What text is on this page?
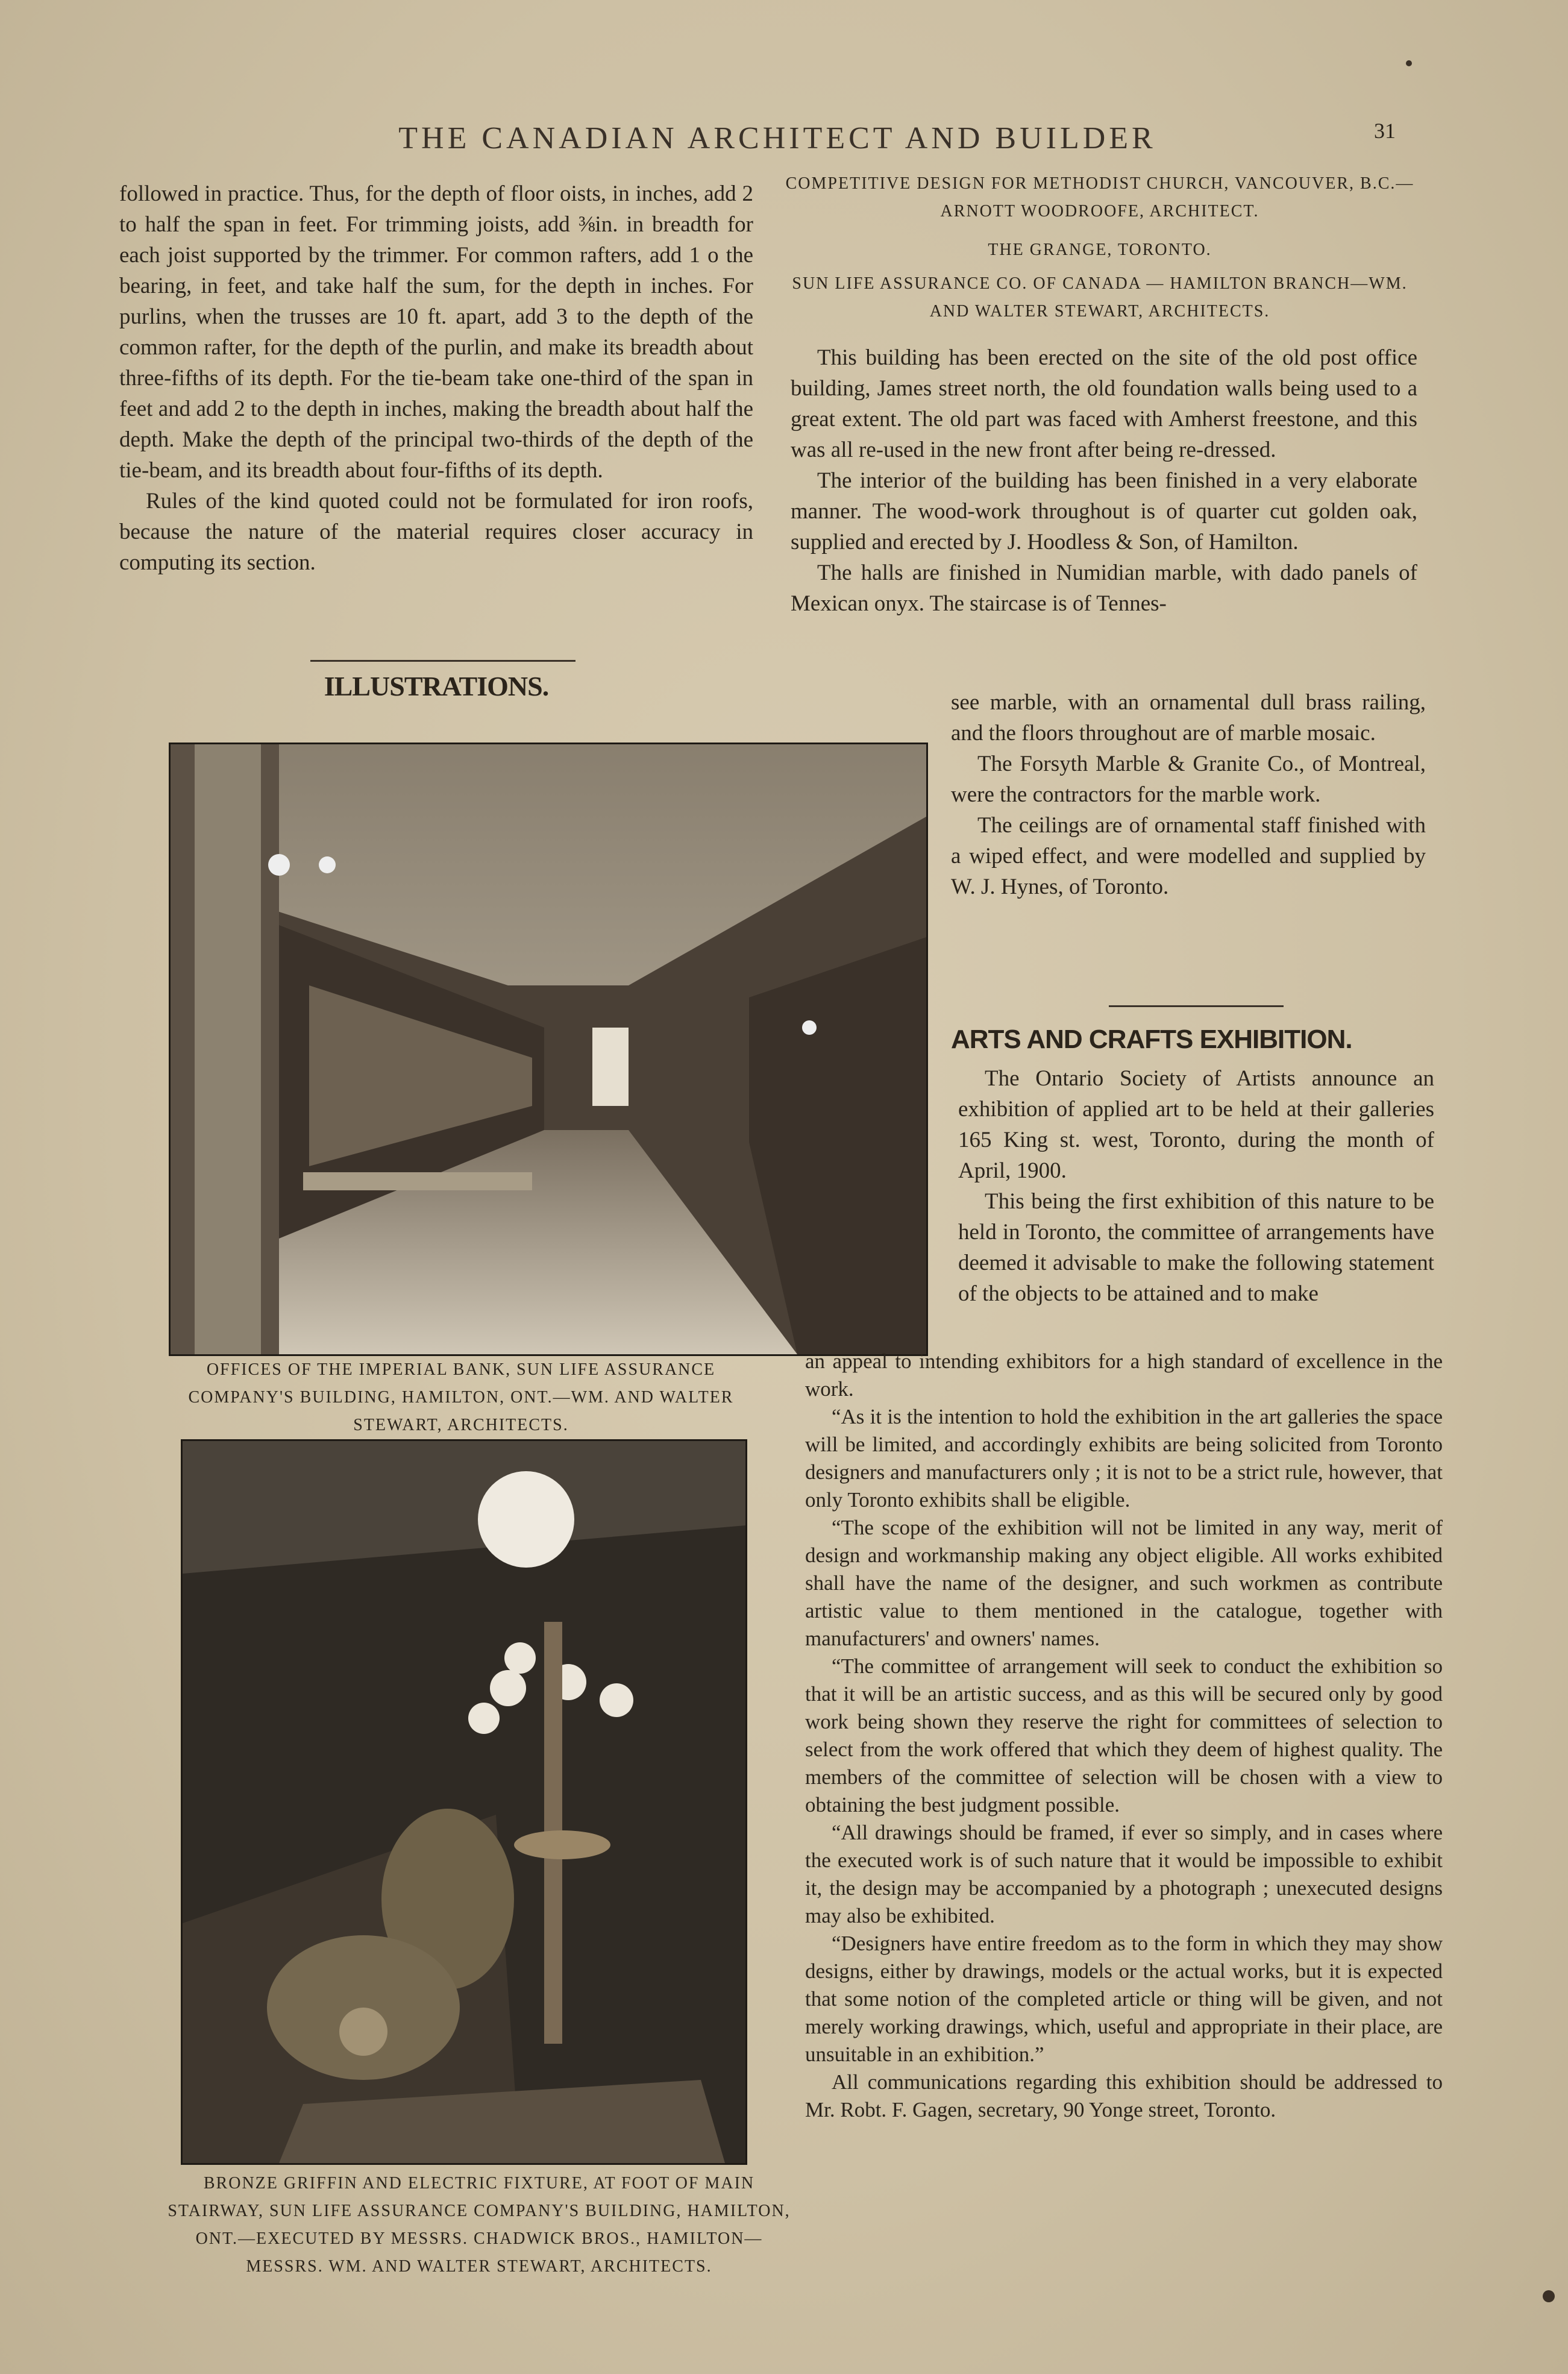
THE CANADIAN ARCHITECT AND BUILDER	31

followed in practice. Thus, for the depth of floor oists, in inches, add 2 to half the span in feet. For trimming joists, add ⅜in. in breadth for each joist supported by the trimmer. For common rafters, add 1 o the bearing, in feet, and take half the sum, for the depth in inches. For purlins, when the trusses are 10 ft. apart, add 3 to the depth of the common rafter, for the depth of the purlin, and make its breadth about three-fifths of its depth. For the tie-beam take one-third of the span in feet and add 2 to the depth in inches, making the breadth about half the depth. Make the depth of the principal two-thirds of the depth of the tie-beam, and its breadth about four-fifths of its depth.

Rules of the kind quoted could not be formulated for iron roofs, because the nature of the material requires closer accuracy in computing its section.

ILLUSTRATIONS.
OFFICES OF THE IMPERIAL BANK, SUN LIFE ASSURANCE COMPANY'S BUILDING, HAMILTON, ONT.—WM. AND WALTER STEWART, ARCHITECTS.
BRONZE GRIFFIN AND ELECTRIC FIXTURE, AT FOOT OF MAIN STAIRWAY, SUN LIFE ASSURANCE COMPANY'S BUILDING, HAMILTON, ONT.—EXECUTED BY MESSRS. CHADWICK BROS., HAMILTON—MESSRS. WM. AND WALTER STEWART, ARCHITECTS.
COMPETITIVE DESIGN FOR METHODIST CHURCH, VANCOUVER, B.C.—ARNOTT WOODROOFE, ARCHITECT.
THE GRANGE, TORONTO.
SUN LIFE ASSURANCE CO. OF CANADA — HAMILTON BRANCH—WM. AND WALTER STEWART, ARCHITECTS.

This building has been erected on the site of the old post office building, James street north, the old foundation walls being used to a great extent. The old part was faced with Amherst freestone, and this was all re-used in the new front after being re-dressed.

The interior of the building has been finished in a very elaborate manner. The wood-work throughout is of quarter cut golden oak, supplied and erected by J. Hoodless & Son, of Hamilton.

The halls are finished in Numidian marble, with dado panels of Mexican onyx. The staircase is of Tennes-

see marble, with an ornamental dull brass railing, and the floors throughout are of marble mosaic.

The Forsyth Marble & Granite Co., of Montreal, were the contractors for the marble work.

The ceilings are of ornamental staff finished with a wiped effect, and were modelled and supplied by W. J. Hynes, of Toronto.

ARTS AND CRAFTS EXHIBITION.

The Ontario Society of Artists announce an exhibition of applied art to be held at their galleries 165 King st. west, Toronto, during the month of April, 1900.

This being the first exhibition of this nature to be held in Toronto, the committee of arrangements have deemed it advisable to make the following statement of the objects to be attained and to make

an appeal to intending exhibitors for a high standard of excellence in the work.

“As it is the intention to hold the exhibition in the art galleries the space will be limited, and accordingly exhibits are being solicited from Toronto designers and manufacturers only ; it is not to be a strict rule, however, that only Toronto exhibits shall be eligible.

“The scope of the exhibition will not be limited in any way, merit of design and workmanship making any object eligible. All works exhibited shall have the name of the designer, and such workmen as contribute artistic value to them mentioned in the catalogue, together with manufacturers' and owners' names.

“The committee of arrangement will seek to conduct the exhibition so that it will be an artistic success, and as this will be secured only by good work being shown they reserve the right for committees of selection to select from the work offered that which they deem of highest quality. The members of the committee of selection will be chosen with a view to obtaining the best judgment possible.

“All drawings should be framed, if ever so simply, and in cases where the executed work is of such nature that it would be impossible to exhibit it, the design may be accompanied by a photograph ; unexecuted designs may also be exhibited.

“Designers have entire freedom as to the form in which they may show designs, either by drawings, models or the actual works, but it is expected that some notion of the completed article or thing will be given, and not merely working drawings, which, useful and appropriate in their place, are unsuitable in an exhibition.”

All communications regarding this exhibition should be addressed to Mr. Robt. F. Gagen, secretary, 90 Yonge street, Toronto.
